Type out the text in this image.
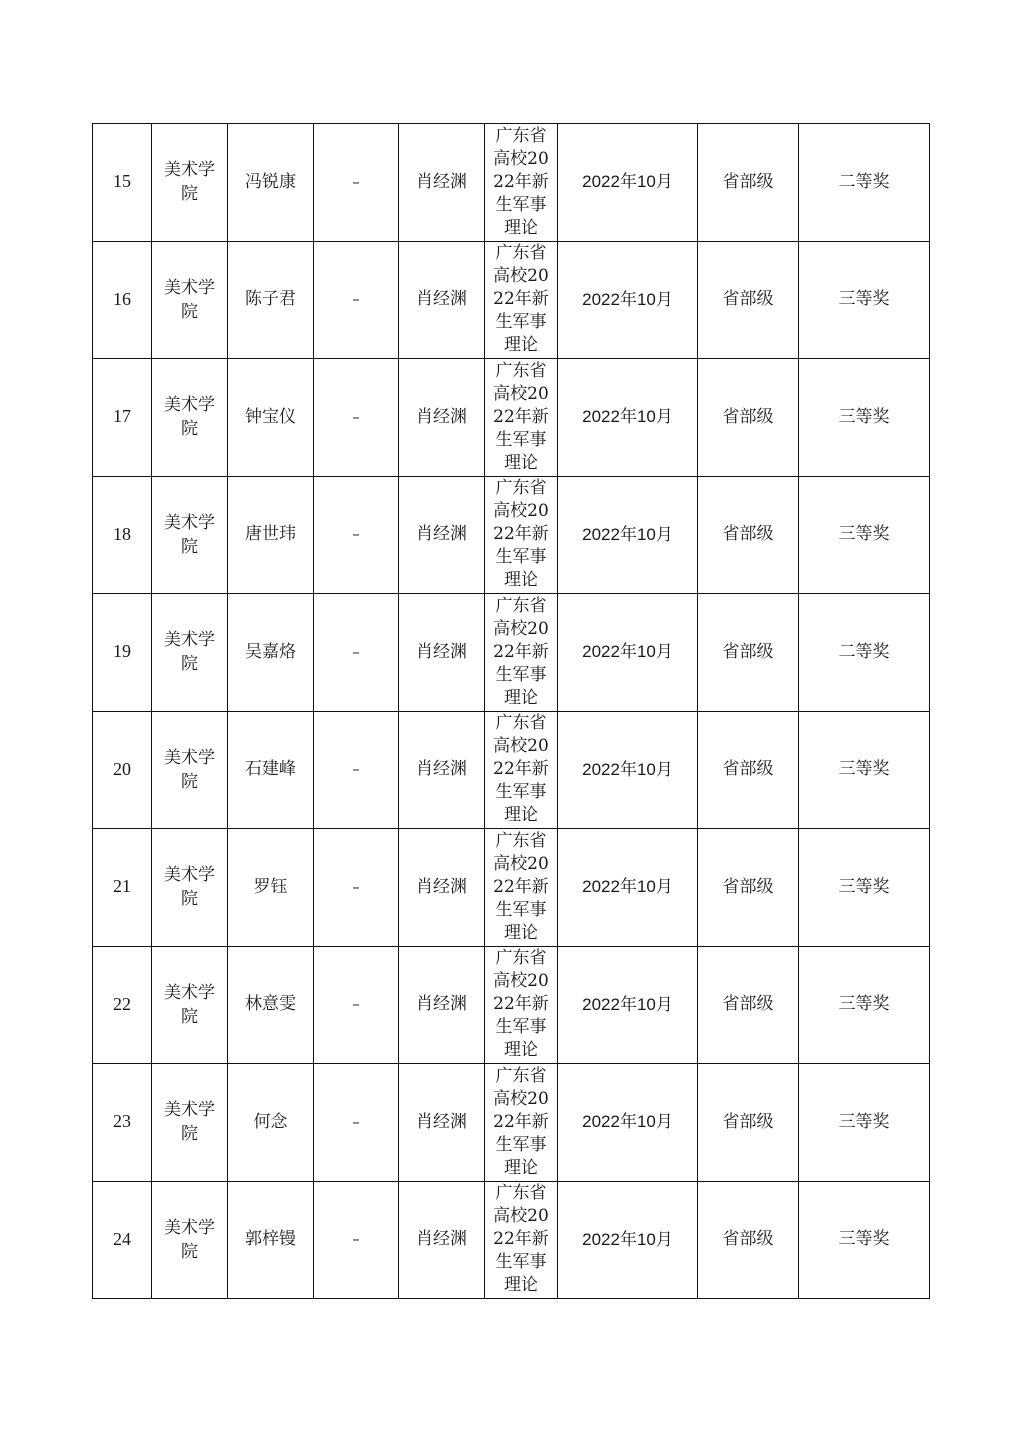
15	美术学院	冯锐康	–	肖经渊	广东省高校2022年新生军事理论	2022年10月	省部级	二等奖
16	美术学院	陈子君	–	肖经渊	广东省高校2022年新生军事理论	2022年10月	省部级	三等奖
17	美术学院	钟宝仪	–	肖经渊	广东省高校2022年新生军事理论	2022年10月	省部级	三等奖
18	美术学院	唐世玮	–	肖经渊	广东省高校2022年新生军事理论	2022年10月	省部级	三等奖
19	美术学院	吴嘉烙	–	肖经渊	广东省高校2022年新生军事理论	2022年10月	省部级	二等奖
20	美术学院	石建峰	–	肖经渊	广东省高校2022年新生军事理论	2022年10月	省部级	三等奖
21	美术学院	罗钰	–	肖经渊	广东省高校2022年新生军事理论	2022年10月	省部级	三等奖
22	美术学院	林意雯	–	肖经渊	广东省高校2022年新生军事理论	2022年10月	省部级	三等奖
23	美术学院	何念	–	肖经渊	广东省高校2022年新生军事理论	2022年10月	省部级	三等奖
24	美术学院	郭梓镘	–	肖经渊	广东省高校2022年新生军事理论	2022年10月	省部级	三等奖
